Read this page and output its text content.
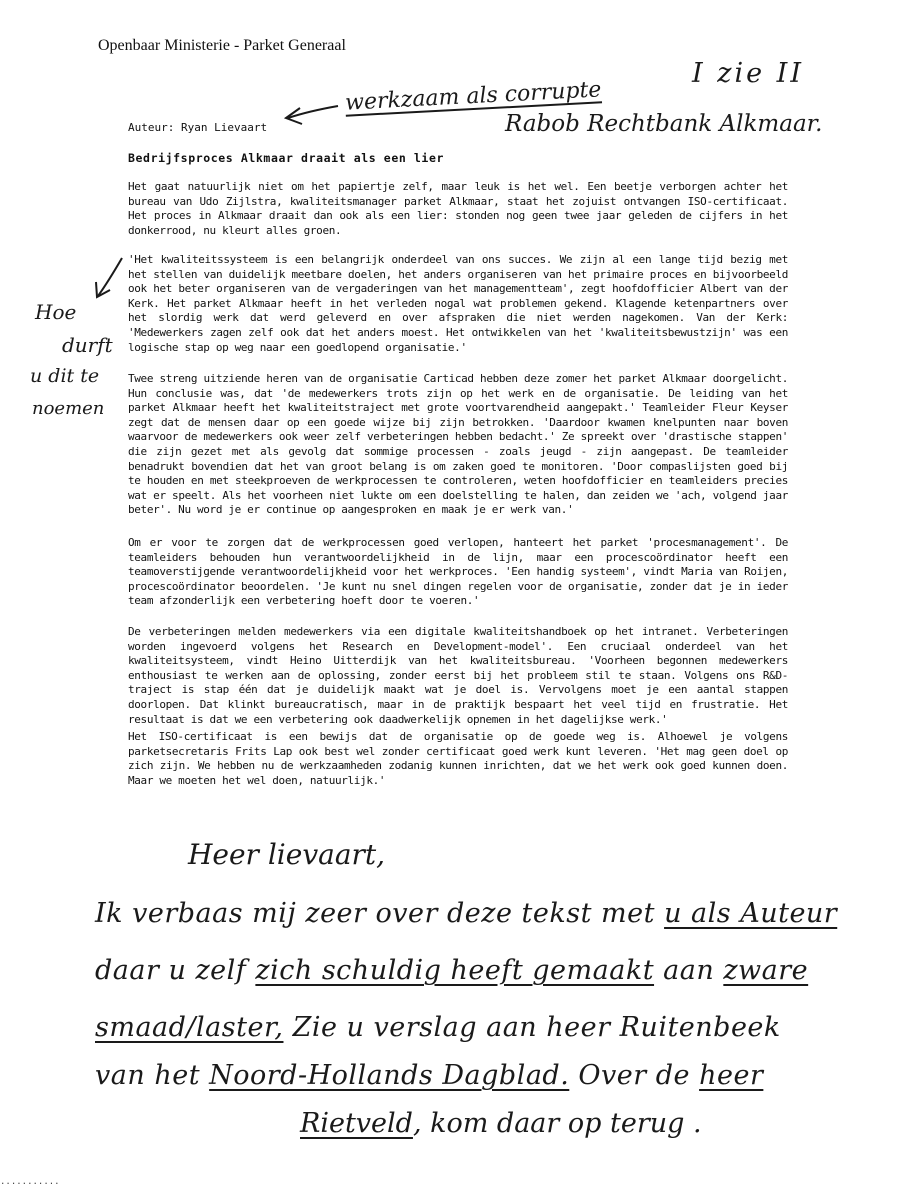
Openbaar Ministerie - Parket Generaal
I zie II
werkzaam als corrupte
Rabob Rechtbank Alkmaar.
Auteur: Ryan Lievaart
Bedrijfsproces Alkmaar draait als een lier

Het gaat natuurlijk niet om het papiertje zelf, maar leuk is het wel. Een beetje verborgen achter het bureau van Udo Zijlstra, kwaliteitsmanager parket Alkmaar, staat het zojuist ontvangen ISO-certificaat. Het proces in Alkmaar draait dan ook als een lier: stonden nog geen twee jaar geleden de cijfers in het donkerrood, nu kleurt alles groen.

'Het kwaliteitssysteem is een belangrijk onderdeel van ons succes. We zijn al een lange tijd bezig met het stellen van duidelijk meetbare doelen, het anders organiseren van het primaire proces en bijvoorbeeld ook het beter organiseren van de vergaderingen van het managementteam', zegt hoofdofficier Albert van der Kerk. Het parket Alkmaar heeft in het verleden nogal wat problemen gekend. Klagende ketenpartners over het slordig werk dat werd geleverd en over afspraken die niet werden nagekomen. Van der Kerk: 'Medewerkers zagen zelf ook dat het anders moest. Het ontwikkelen van het 'kwaliteitsbewustzijn' was een logische stap op weg naar een goedlopend organisatie.'

Twee streng uitziende heren van de organisatie Carticad hebben deze zomer het parket Alkmaar doorgelicht. Hun conclusie was, dat 'de medewerkers trots zijn op het werk en de organisatie. De leiding van het parket Alkmaar heeft het kwaliteitstraject met grote voortvarendheid aangepakt.' Teamleider Fleur Keyser zegt dat de mensen daar op een goede wijze bij zijn betrokken. 'Daardoor kwamen knelpunten naar boven waarvoor de medewerkers ook weer zelf verbeteringen hebben bedacht.' Ze spreekt over 'drastische stappen' die zijn gezet met als gevolg dat sommige processen - zoals jeugd - zijn aangepast. De teamleider benadrukt bovendien dat het van groot belang is om zaken goed te monitoren. 'Door compaslijsten goed bij te houden en met steekproeven de werkprocessen te controleren, weten hoofdofficier en teamleiders precies wat er speelt. Als het voorheen niet lukte om een doelstelling te halen, dan zeiden we 'ach, volgend jaar beter'. Nu word je er continue op aangesproken en maak je er werk van.'

Om er voor te zorgen dat de werkprocessen goed verlopen, hanteert het parket 'procesmanagement'. De teamleiders behouden hun verantwoordelijkheid in de lijn, maar een procescoördinator heeft een teamoverstijgende verantwoordelijkheid voor het werkproces. 'Een handig systeem', vindt Maria van Roijen, procescoördinator beoordelen. 'Je kunt nu snel dingen regelen voor de organisatie, zonder dat je in ieder team afzonderlijk een verbetering hoeft door te voeren.'

De verbeteringen melden medewerkers via een digitale kwaliteitshandboek op het intranet. Verbeteringen worden ingevoerd volgens het Research en Development-model'. Een cruciaal onderdeel van het kwaliteitsysteem, vindt Heino Uitterdijk van het kwaliteitsbureau. 'Voorheen begonnen medewerkers enthousiast te werken aan de oplossing, zonder eerst bij het probleem stil te staan. Volgens ons R&D-traject is stap één dat je duidelijk maakt wat je doel is. Vervolgens moet je een aantal stappen doorlopen. Dat klinkt bureaucratisch, maar in de praktijk bespaart het veel tijd en frustratie. Het resultaat is dat we een verbetering ook daadwerkelijk opnemen in het dagelijkse werk.'

Het ISO-certificaat is een bewijs dat de organisatie op de goede weg is. Alhoewel je volgens parketsecretaris Frits Lap ook best wel zonder certificaat goed werk kunt leveren. 'Het mag geen doel op zich zijn. We hebben nu de werkzaamheden zodanig kunnen inrichten, dat we het werk ook goed kunnen doen. Maar we moeten het wel doen, natuurlijk.'

Hoe
durft
u dit te
noemen
Heer lievaart,
Ik verbaas mij zeer over deze tekst met u als Auteur
daar u zelf zich schuldig heeft gemaakt aan zware
smaad/laster, Zie u verslag aan heer Ruitenbeek
van het Noord-Hollands Dagblad. Over de heer
Rietveld, kom daar op terug .
...........
